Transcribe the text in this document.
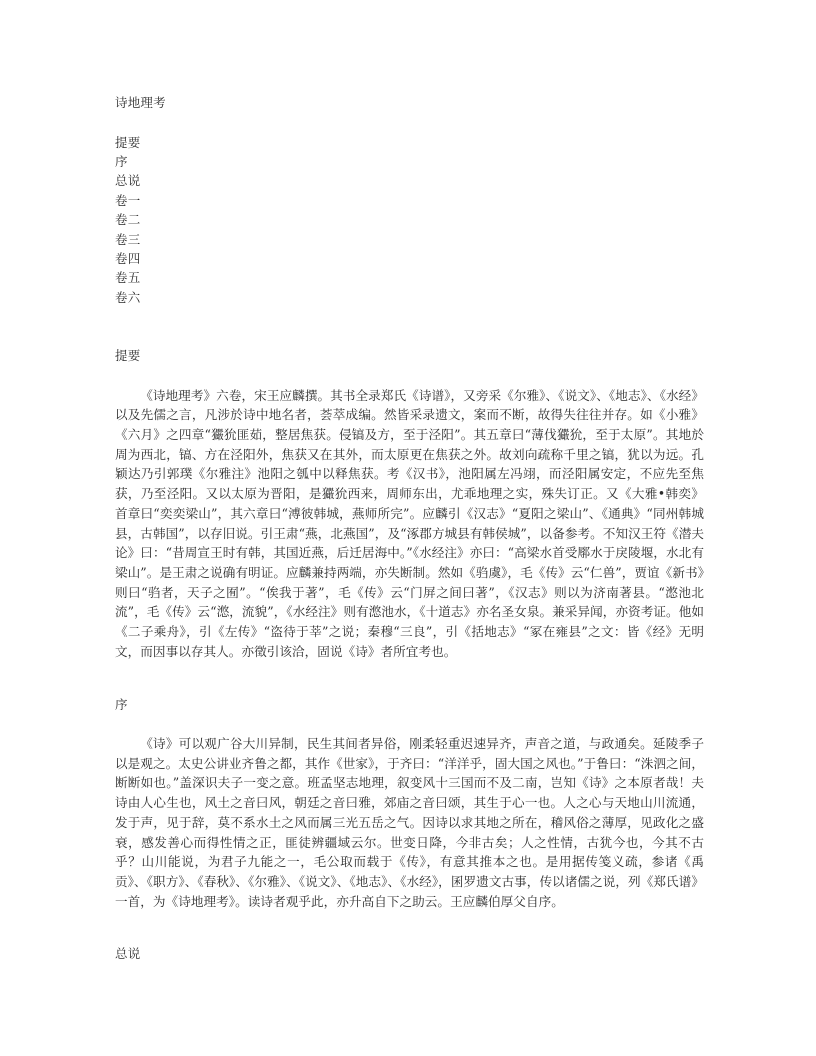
诗地理考
提要
序
总说
卷一
卷二
卷三
卷四
卷五
卷六
提要

《诗地理考》六卷，宋王应麟撰。其书全录郑氏《诗谱》，又旁采《尔雅》、《说文》、《地志》、《水经》以及先儒之言，凡涉於诗中地名者，荟萃成编。然皆采录遗文，案而不断，故得失往往并存。如《小雅》《六月》之四章“玁狁匪茹，整居焦获。侵镐及方，至于泾阳”。其五章曰“薄伐玁狁，至于太原”。其地於周为西北，镐、方在泾阳外，焦获又在其外，而太原更在焦获之外。故刘向疏称千里之镐，犹以为远。孔颖达乃引郭璞《尔雅注》池阳之瓠中以释焦获。考《汉书》，池阳属左冯翊，而泾阳属安定，不应先至焦获，乃至泾阳。又以太原为晋阳，是玁狁西来，周师东出，尤乖地理之实，殊失订正。又《大雅•韩奕》首章曰“奕奕梁山”，其六章曰“溥彼韩城，燕师所完”。应麟引《汉志》“夏阳之梁山”、《通典》“同州韩城县，古韩国”，以存旧说。引王肃“燕，北燕国”，及“涿郡方城县有韩侯城”，以备参考。不知汉王符《潜夫论》曰：“昔周宣王时有韩，其国近燕，后迁居海中。”《水经注》亦曰：“高梁水首受鄏水于戾陵堰，水北有梁山”。是王肃之说确有明证。应麟兼持两端，亦失断制。然如《驺虞》，毛《传》云“仁兽”，贾谊《新书》则曰“驺者，天子之囿”。“俟我于著”，毛《传》云“门屏之间曰著”，《汉志》则以为济南著县。“滺池北流”，毛《传》云“滺，流貌”，《水经注》则有滺池水，《十道志》亦名圣女泉。兼采异闻，亦资考证。他如《二子乘舟》，引《左传》“盗待于莘”之说；秦穆“三良”，引《括地志》“冢在雍县”之文：皆《经》无明文，而因事以存其人。亦徵引该洽，固说《诗》者所宜考也。

序

《诗》可以观广谷大川异制，民生其间者异俗，刚柔轻重迟速异齐，声音之道，与政通矣。延陵季子以是观之。太史公讲业齐鲁之都，其作《世家》，于齐曰：“洋洋乎，固大国之风也。”于鲁曰：“洙泗之间，断断如也。”盖深识夫子一变之意。班孟坚志地理，叙变风十三国而不及二南，岂知《诗》之本原者哉！夫诗由人心生也，风土之音曰风，朝廷之音曰雅，郊庙之音曰颂，其生于心一也。人之心与天地山川流通，发于声，见于辞，莫不系水土之风而属三光五岳之气。因诗以求其地之所在，稽风俗之薄厚，见政化之盛衰，感发善心而得性情之正，匪徒辨疆域云尔。世变日降，今非古矣；人之性情，古犹今也，今其不古乎？山川能说，为君子九能之一，毛公取而载于《传》，有意其推本之也。是用据传笺义疏，参诸《禹贡》、《职方》、《春秋》、《尔雅》、《说文》、《地志》、《水经》，囷罗遗文古事，传以诸儒之说，列《郑氏谱》一首，为《诗地理考》。读诗者观乎此，亦升高自下之助云。王应麟伯厚父自序。

总说
